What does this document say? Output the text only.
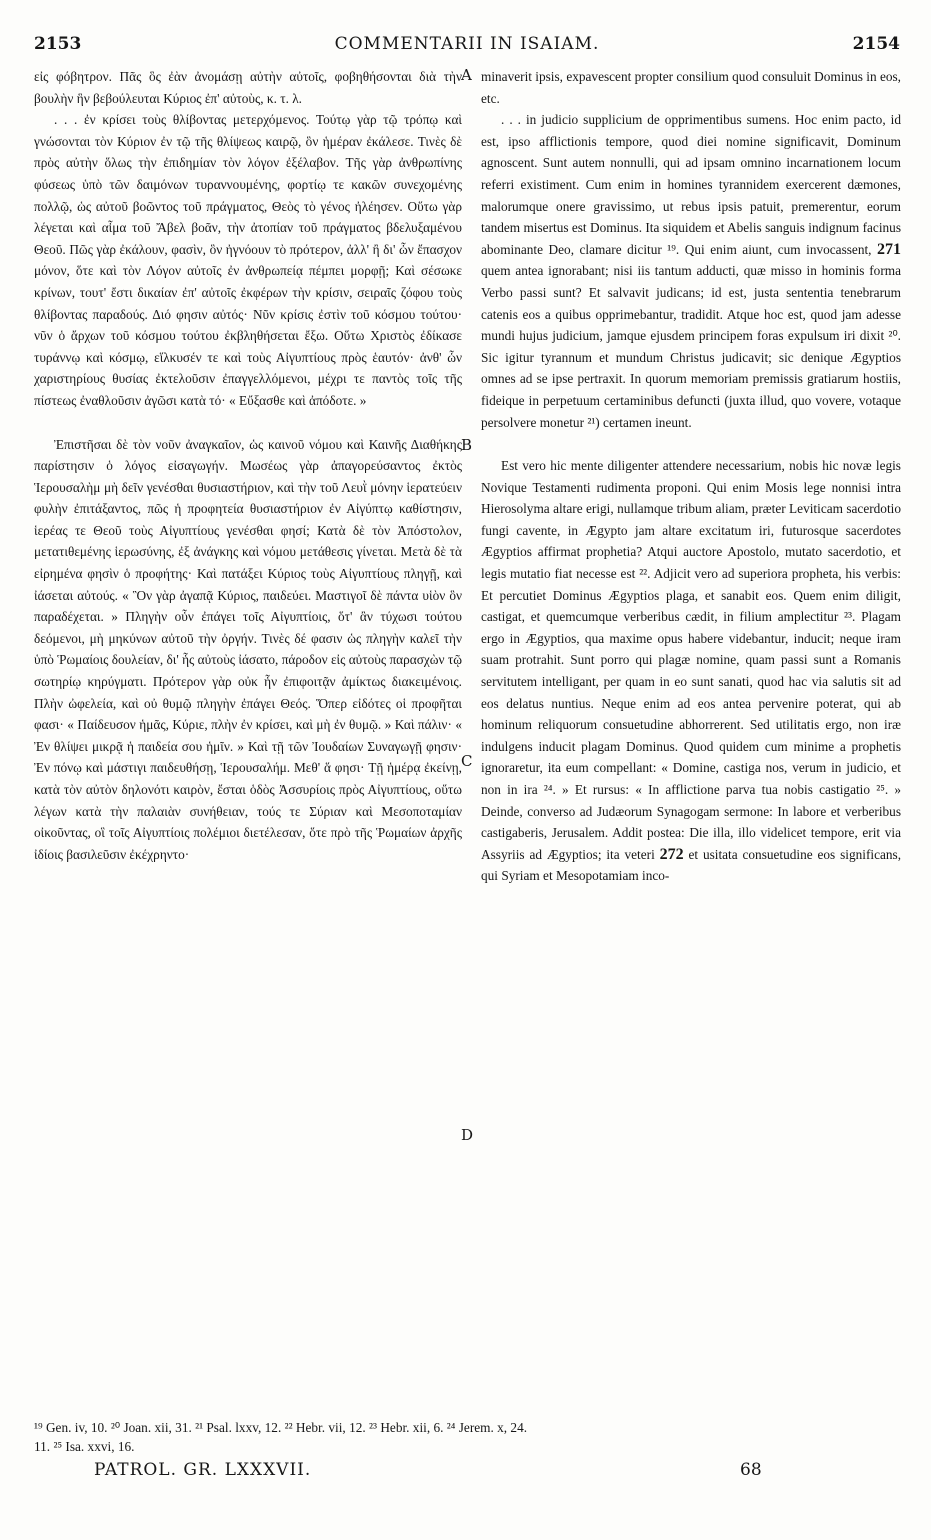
2153	COMMENTARII IN ISAIAM.	2154
A
B
C
D

εἰς φόβητρον. Πᾶς ὃς ἐὰν ἀνομάσῃ αὐτὴν αὐτοῖς, φοβηθήσονται διὰ τὴν βουλὴν ἣν βεβούλευται Κύριος ἐπ' αὐτοὺς, κ. τ. λ.

. . . ἐν κρίσει τοὺς θλίβοντας μετερχόμενος. Τούτῳ γὰρ τῷ τρόπῳ καὶ γνώσονται τὸν Κύριον ἐν τῷ τῆς θλίψεως καιρῷ, ὃν ἡμέραν ἐκάλεσε. Τινὲς δὲ πρὸς αὐτὴν ὅλως τὴν ἐπιδημίαν τὸν λόγον ἐξέλαβον. Τῆς γὰρ ἀνθρωπίνης φύσεως ὑπὸ τῶν δαιμόνων τυραννουμένης, φορτίῳ τε κακῶν συνεχομένης πολλῷ, ὡς αὐτοῦ βοῶντος τοῦ πράγματος, Θεὸς τὸ γένος ἠλέησεν. Οὕτω γὰρ λέγεται καὶ αἷμα τοῦ Ἄβελ βοᾶν, τὴν ἀτοπίαν τοῦ πράγματος βδελυξαμένου Θεοῦ. Πῶς γὰρ ἐκάλουν, φασὶν, ὃν ἠγνόουν τὸ πρότερον, ἀλλ' ἢ δι' ὧν ἔπασχον μόνον, ὅτε καὶ τὸν Λόγον αὐτοῖς ἐν ἀνθρωπείᾳ πέμπει μορφῇ; Καὶ σέσωκε κρίνων, τουτ' ἔστι δικαίαν ἐπ' αὐτοῖς ἐκφέρων τὴν κρίσιν, σειραῖς ζόφου τοὺς θλίβοντας παραδούς. Διό φησιν αὐτός· Νῦν κρίσις ἐστὶν τοῦ κόσμου τούτου· νῦν ὁ ἄρχων τοῦ κόσμου τούτου ἐκβληθήσεται ἔξω. Οὕτω Χριστὸς ἐδίκασε τυράννῳ καὶ κόσμῳ, εἵλκυσέν τε καὶ τοὺς Αἰγυπτίους πρὸς ἑαυτόν· ἀνθ' ὧν χαριστηρίους θυσίας ἐκτελοῦσιν ἐπαγγελλόμενοι, μέχρι τε παντὸς τοῖς τῆς πίστεως ἐναθλοῦσιν ἀγῶσι κατὰ τό· « Εὔξασθε καὶ ἀπόδοτε. »

Ἐπιστῆσαι δὲ τὸν νοῦν ἀναγκαῖον, ὡς καινοῦ νόμου καὶ Καινῆς Διαθήκης παρίστησιν ὁ λόγος εἰσαγωγήν. Μωσέως γὰρ ἀπαγορεύσαντος ἐκτὸς Ἱερουσαλὴμ μὴ δεῖν γενέσθαι θυσιαστήριον, καὶ τὴν τοῦ Λευῒ μόνην ἱερατεύειν φυλὴν ἐπιτάξαντος, πῶς ἡ προφητεία θυσιαστήριον ἐν Αἰγύπτῳ καθίστησιν, ἱερέας τε Θεοῦ τοὺς Αἰγυπτίους γενέσθαι φησί; Κατὰ δὲ τὸν Ἀπόστολον, μετατιθεμένης ἱερωσύνης, ἐξ ἀνάγκης καὶ νόμου μετάθεσις γίνεται. Μετὰ δὲ τὰ εἰρημένα φησὶν ὁ προφήτης· Καὶ πατάξει Κύριος τοὺς Αἰγυπτίους πληγῇ, καὶ ἰάσεται αὐτούς. « Ὃν γὰρ ἀγαπᾷ Κύριος, παιδεύει. Μαστιγοῖ δὲ πάντα υἱὸν ὃν παραδέχεται. » Πληγὴν οὖν ἐπάγει τοῖς Αἰγυπτίοις, ὅτ' ἂν τύχωσι τούτου δεόμενοι, μὴ μηκύνων αὐτοῦ τὴν ὀργήν. Τινὲς δέ φασιν ὡς πληγὴν καλεῖ τὴν ὑπὸ Ῥωμαίοις δουλείαν, δι' ἧς αὐτοὺς ἰάσατο, πάροδον εἰς αὐτοὺς παρασχὼν τῷ σωτηρίῳ κηρύγματι. Πρότερον γὰρ οὐκ ἦν ἐπιφοιτᾷν ἀμίκτως διακειμένοις. Πλὴν ὠφελεία, καὶ οὐ θυμῷ πληγὴν ἐπάγει Θεός. Ὅπερ εἰδότες οἱ προφῆται φασι· « Παίδευσον ἡμᾶς, Κύριε, πλὴν ἐν κρίσει, καὶ μὴ ἐν θυμῷ. » Καὶ πάλιν· « Ἐν θλίψει μικρᾷ ἡ παιδεία σου ἡμῖν. » Καὶ τῇ τῶν Ἰουδαίων Συναγωγῇ φησιν· Ἐν πόνῳ καὶ μάστιγι παιδευθήσῃ, Ἱερουσαλήμ. Μεθ' ἅ φησι· Τῇ ἡμέρᾳ ἐκείνῃ, κατὰ τὸν αὐτὸν δηλονότι καιρὸν, ἔσται ὁδὸς Ἀσσυρίοις πρὸς Αἰγυπτίους, οὕτω λέγων κατὰ τὴν παλαιὰν συνήθειαν, τούς τε Σύριαν καὶ Μεσοποταμίαν οἰκοῦντας, οἳ τοῖς Αἰγυπτίοις πολέμιοι διετέλεσαν, ὅτε πρὸ τῆς Ῥωμαίων ἀρχῆς ἰδίοις βασιλεῦσιν ἐκέχρηντο·

minaverit ipsis, expavescent propter consilium quod consuluit Dominus in eos, etc.

. . . in judicio supplicium de opprimentibus sumens. Hoc enim pacto, id est, ipso afflictionis tempore, quod diei nomine significavit, Dominum agnoscent. Sunt autem nonnulli, qui ad ipsam omnino incarnationem locum referri existiment. Cum enim in homines tyrannidem exercerent dæmones, malorumque onere gravissimo, ut rebus ipsis patuit, premerentur, eorum tandem misertus est Dominus. Ita siquidem et Abelis sanguis indignum facinus abominante Deo, clamare dicitur ¹⁹. Qui enim aiunt, cum invocassent, 271 quem antea ignorabant; nisi iis tantum adducti, quæ misso in hominis forma Verbo passi sunt? Et salvavit judicans; id est, justa sententia tenebrarum catenis eos a quibus opprimebantur, tradidit. Atque hoc est, quod jam adesse mundi hujus judicium, jamque ejusdem principem foras expulsum iri dixit ²⁰. Sic igitur tyrannum et mundum Christus judicavit; sic denique Ægyptios omnes ad se ipse pertraxit. In quorum memoriam premissis gratiarum hostiis, fideique in perpetuum certaminibus defuncti (juxta illud, quo vovere, votaque persolvere monetur ²¹) certamen ineunt.

Est vero hic mente diligenter attendere necessarium, nobis hic novæ legis Novique Testamenti rudimenta proponi. Qui enim Mosis lege nonnisi intra Hierosolyma altare erigi, nullamque tribum aliam, præter Leviticam sacerdotio fungi cavente, in Ægypto jam altare excitatum iri, futurosque sacerdotes Ægyptios affirmat prophetia? Atqui auctore Apostolo, mutato sacerdotio, et legis mutatio fiat necesse est ²². Adjicit vero ad superiora propheta, his verbis: Et percutiet Dominus Ægyptios plaga, et sanabit eos. Quem enim diligit, castigat, et quemcumque verberibus cædit, in filium amplectitur ²³. Plagam ergo in Ægyptios, qua maxime opus habere videbantur, inducit; neque iram suam protrahit. Sunt porro qui plagæ nomine, quam passi sunt a Romanis servitutem intelligant, per quam in eo sunt sanati, quod hac via salutis sit ad eos delatus nuntius. Neque enim ad eos antea pervenire poterat, qui ab hominum reliquorum consuetudine abhorrerent. Sed utilitatis ergo, non iræ indulgens inducit plagam Dominus. Quod quidem cum minime a prophetis ignoraretur, ita eum compellant: « Domine, castiga nos, verum in judicio, et non in ira ²⁴. » Et rursus: « In afflictione parva tua nobis castigatio ²⁵. » Deinde, converso ad Judæorum Synagogam sermone: In labore et verberibus castigaberis, Jerusalem. Addit postea: Die illa, illo videlicet tempore, erit via Assyriis ad Ægyptios; ita veteri 272 et usitata consuetudine eos significans, qui Syriam et Mesopotamiam inco-

¹⁹ Gen. iv, 10. ²⁰ Joan. xii, 31. ²¹ Psal. lxxv, 12. ²² Hebr. vii, 12. ²³ Hebr. xii, 6. ²⁴ Jerem. x, 24.
11. ²⁵ Isa. xxvi, 16.
PATROL. GR. LXXXVII.	68
